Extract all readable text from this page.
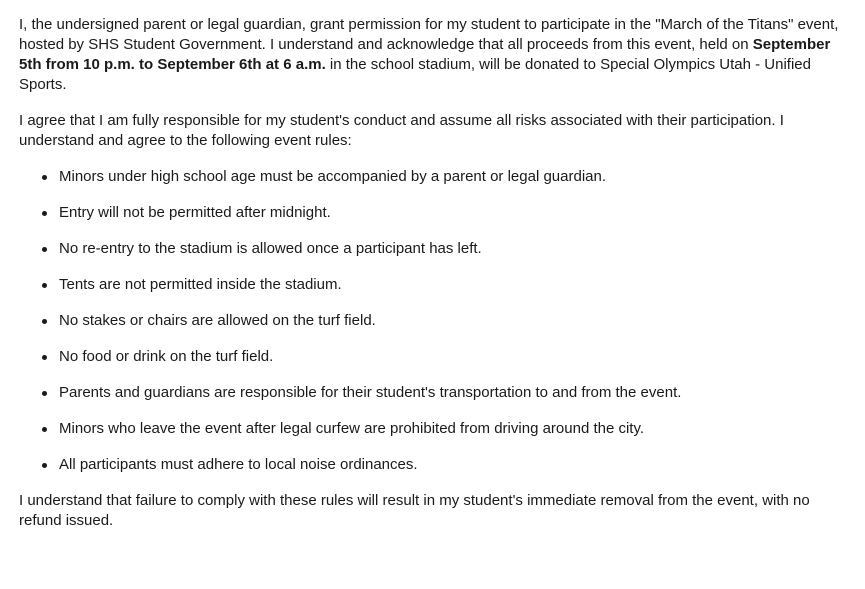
I, the undersigned parent or legal guardian, grant permission for my student to participate in the "March of the Titans" event, hosted by SHS Student Government. I understand and acknowledge that all proceeds from this event, held on September 5th from 10 p.m. to September 6th at 6 a.m. in the school stadium, will be donated to Special Olympics Utah - Unified Sports.

I agree that I am fully responsible for my student's conduct and assume all risks associated with their participation. I understand and agree to the following event rules:

Minors under high school age must be accompanied by a parent or legal guardian.
Entry will not be permitted after midnight.
No re-entry to the stadium is allowed once a participant has left.
Tents are not permitted inside the stadium.
No stakes or chairs are allowed on the turf field.
No food or drink on the turf field.
Parents and guardians are responsible for their student's transportation to and from the event.
Minors who leave the event after legal curfew are prohibited from driving around the city.
All participants must adhere to local noise ordinances.

I understand that failure to comply with these rules will result in my student's immediate removal from the event, with no refund issued.
